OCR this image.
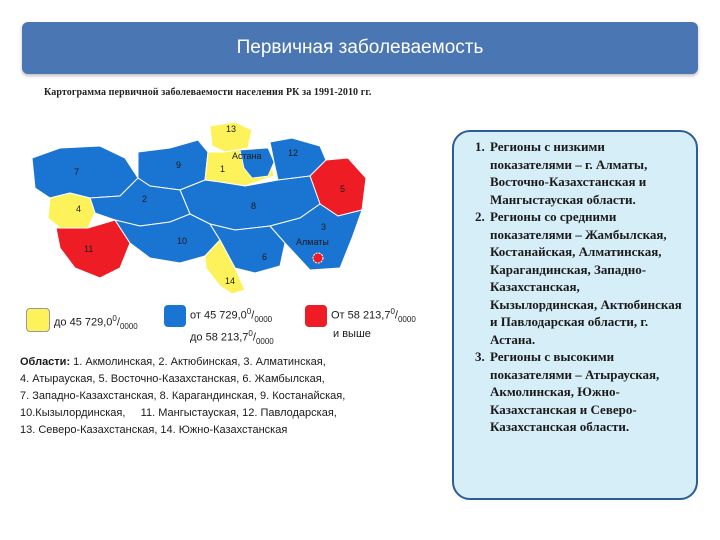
Первичная заболеваемость
Картограмма первичной заболеваемости населения РК за 1991-2010 гг.
13
9
7	1
Астана	12
2
5
4	8
3
Алматы
11
10
6
14
до 45 $729,0^0/_{0000}$
от 45 $729,0^0/_{0000}$
до 58 $213,7^0/_{0000}$
От 58 $213,7^0/_{0000}$
и выше
Области: 1. Акмолинская, 2. Актюбинская, 3. Алматинская,
4. Атырауская, 5. Восточно-Казахстанская, 6. Жамбылская,
7. Западно-Казахстанская, 8. Карагандинская, 9. Костанайская,
10.Кызылординская,     11. Мангыстауская, 12. Павлодарская,
13. Северо-Казахстанская, 14. Южно-Казахстанская
1. Регионы с низкими показателями – г. Алматы, Восточно-Казахстанская и Мангыстауская области.
2. Регионы со средними показателями – Жамбылская, Костанайская, Алматинская, Карагандинская, Западно-Казахстанская, Кызылординская, Актюбинская и Павлодарская области, г. Астана.
3. Регионы с высокими показателями – Атырауская, Акмолинская, Южно-Казахстанская и Северо-Казахстанская области.
